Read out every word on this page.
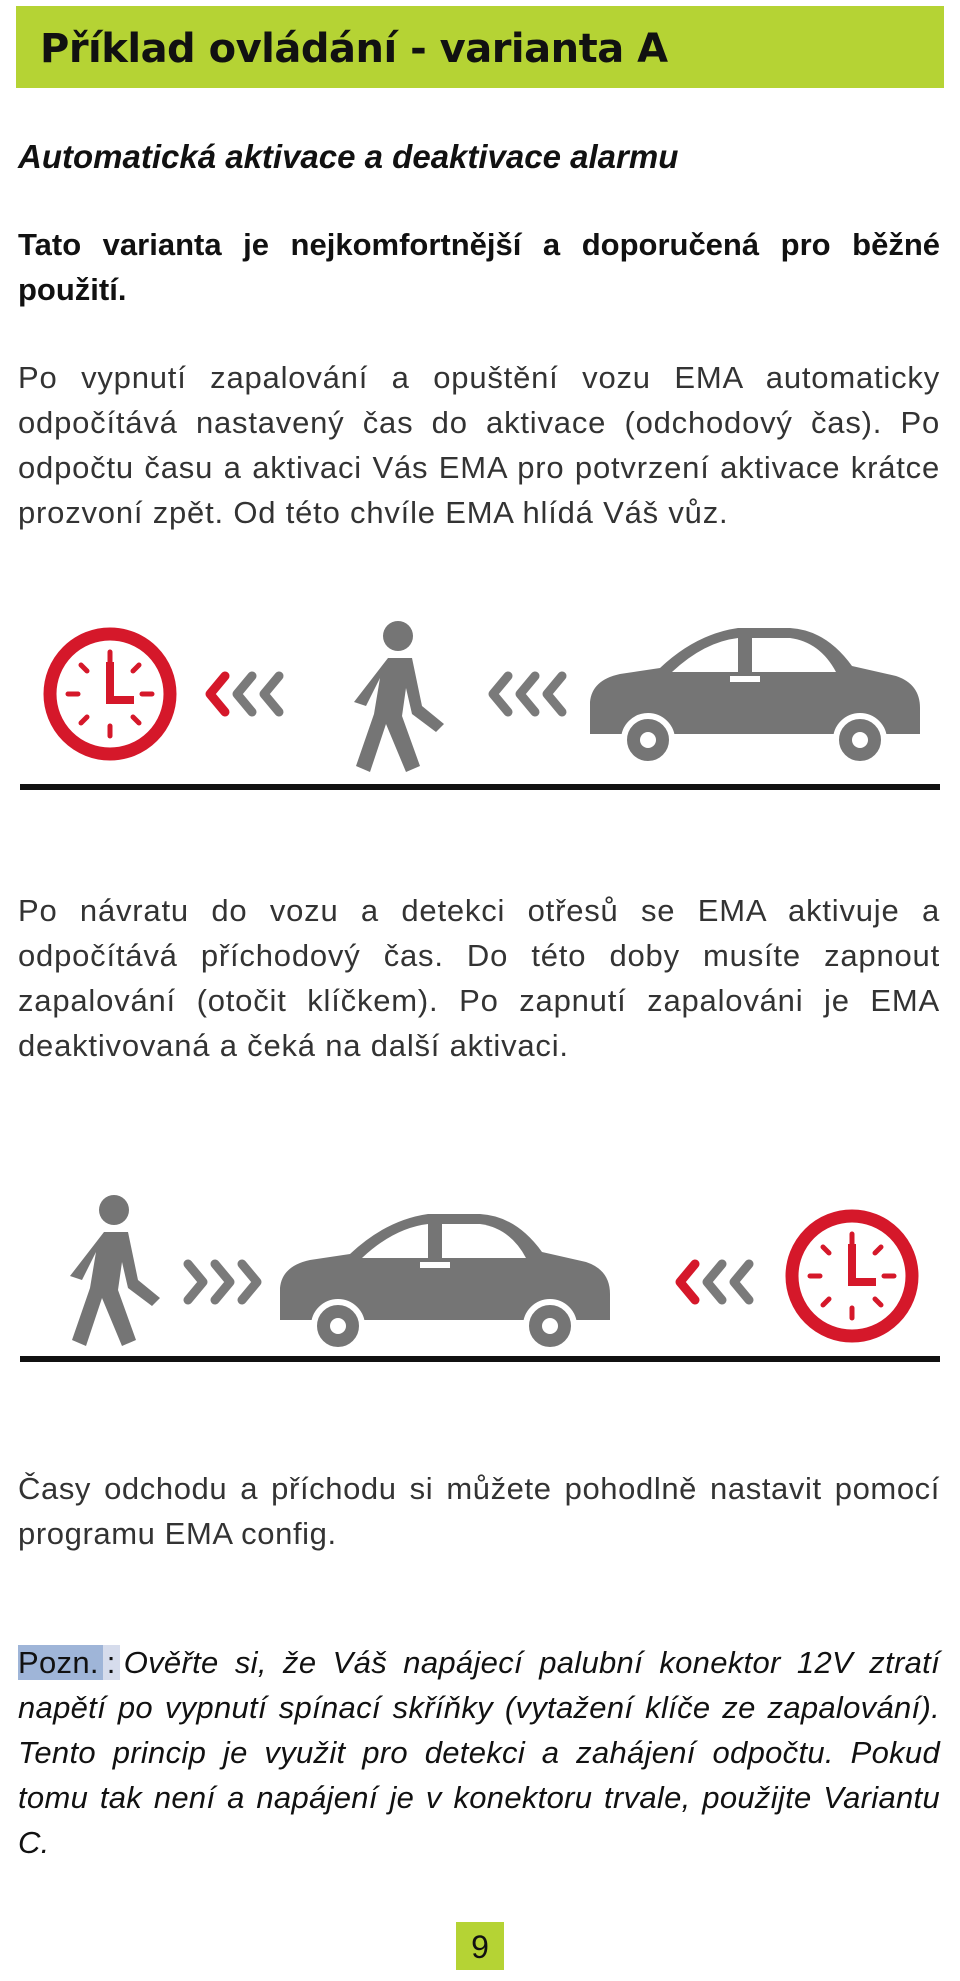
Příklad ovládání - varianta A
Automatická aktivace a deaktivace alarmu
Tato varianta je nejkomfortnější a doporučená pro běžné použití.
Po vypnutí zapalování a opuštění vozu EMA automaticky odpočítává nastavený čas do aktivace (odchodový čas). Po odpočtu času a aktivaci Vás EMA pro potvrzení aktivace krátce prozvoní zpět. Od této chvíle EMA hlídá Váš vůz.
Po návratu do vozu a detekci otřesů se EMA aktivuje a odpočítává příchodový čas. Do této doby musíte zapnout zapalování (otočit klíčkem). Po zapnutí zapalováni je EMA deaktivovaná a čeká na další aktivaci.
Časy odchodu a příchodu si můžete pohodlně nastavit pomocí programu EMA config.
Pozn. : Ověřte si, že Váš napájecí palubní konektor 12V ztratí napětí po vypnutí spínací skříňky (vytažení klíče ze zapalování). Tento princip je využit pro detekci a zahájení odpočtu. Pokud tomu tak není a napájení je v konektoru trvale, použijte Variantu C.
9
